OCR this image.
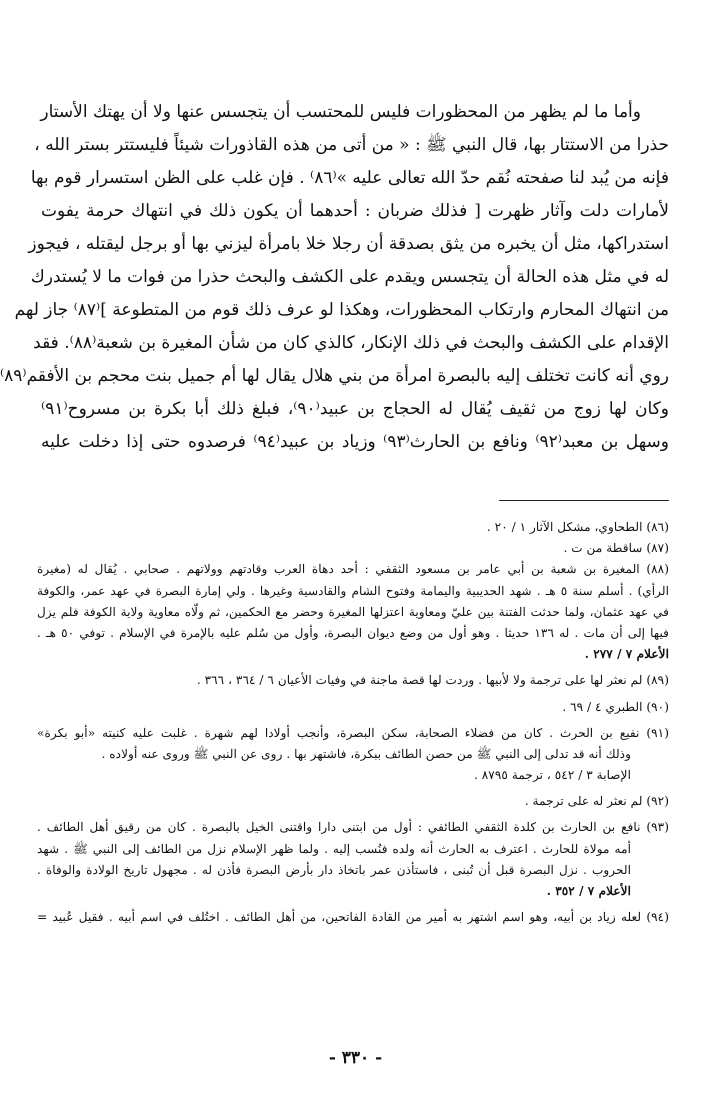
وأما ما لم يظهر من المحظورات فليس للمحتسب أن يتجسس عنها ولا أن يهتك الأستار
حذرا من الاستتار بها، قال النبي ﷺ : « من أتى من هذه القاذورات شيئاً فليستتر بستر الله ،
فإنه من يُبد لنا صفحته نُقم حدّ الله تعالى عليه »⁽٨٦⁾ . فإن غلب على الظن استسرار قوم بها
لأمارات دلت وآثار ظهرت [ فذلك ضربان : أحدهما أن يكون ذلك في انتهاك حرمة يفوت
استدراكها، مثل أن يخبره من يثق بصدقة أن رجلا خلا بامرأة ليزني بها أو برجل ليقتله ، فيجوز
له في مثل هذه الحالة أن يتجسس ويقدم على الكشف والبحث حذرا من فوات ما لا يُستدرك
من انتهاك المحارم وارتكاب المحظورات، وهكذا لو عرف ذلك قوم من المتطوعة ]⁽٨٧⁾ جاز لهم
الإقدام على الكشف والبحث في ذلك الإنكار، كالذي كان من شأن المغيرة بن شعبة⁽٨٨⁾. فقد
روي أنه كانت تختلف إليه بالبصرة امرأة من بني هلال يقال لها أم جميل بنت محجم بن الأفقم⁽٨٩⁾
وكان لها زوج من ثقيف يُقال له الحجاج بن عبيد⁽٩٠⁾، فبلغ ذلك أبا بكرة بن مسروح⁽٩١⁾
وسهل بن معبد⁽٩٢⁾ ونافع بن الحارث⁽٩٣⁾ وزياد بن عبيد⁽٩٤⁾ فرصدوه حتى إذا دخلت عليه
(٨٦) الطحاوي، مشكل الآثار ١ / ٢٠ .
(٨٧) ساقطة من ت .
(٨٨) المغيرة بن شعبة بن أبي عامر بن مسعود الثقفي : أحد دهاة العرب وقادتهم وولاتهم . صحابي . يُقال له (مغيرة
الرأي) . أسلم سنة ٥ هـ . شهد الحديبية واليمامة وفتوح الشام والقادسية وغيرها . ولي إمارة البصرة في عهد عمر، والكوفة
في عهد عثمان، ولما حدثت الفتنة بين عليّ ومعاوية اعتزلها المغيرة وحضر مع الحكمين، ثم ولّاه معاوية ولاية الكوفة فلم يزل
فيها إلى أن مات . له ١٣٦ حديثا . وهو أول من وضع ديوان البصرة، وأول من سُلم عليه بالإمرة في الإسلام . توفي ٥٠ هـ .
الأعلام ٧ / ٢٧٧ .
(٨٩) لم نعثر لها على ترجمة ولا لأبيها . وردت لها قصة ماجنة في وفيات الأعيان ٦ / ٣٦٤ ، ٣٦٦ .
(٩٠) الطبري ٤ / ٦٩ .
(٩١) نفيع بن الحرث . كان من فضلاء الصحابة، سكن البصرة، وأنجب أولادا لهم شهرة . غلبت عليه كنيته «أبو بكرة»
وذلك أنه قد تدلى إلى النبي ﷺ من حصن الطائف ببكرة، فاشتهر بها . روى عن النبي ﷺ وروى عنه أولاده .
الإصابة ٣ / ٥٤٢ ، ترجمة ٨٧٩٥ .
(٩٢) لم نعثر له على ترجمة .
(٩٣) نافع بن الحارث بن كلدة الثقفي الطائفي : أول من ابتنى دارا واقتنى الخيل بالبصرة . كان من رقيق أهل الطائف .
أمه مولاة للحارث . اعترف به الحارث أنه ولده فنُسب إليه . ولما ظهر الإسلام نزل من الطائف إلى النبي ﷺ . شهد
الحروب . نزل البصرة قبل أن تُبنى ، فاستأذن عمر باتخاذ دار بأرض البصرة فأذن له . مجهول تاريخ الولادة والوفاة .
الأعلام ٧ / ٣٥٢ .
(٩٤) لعله زياد بن أبيه، وهو اسم اشتهر به أمير من القادة الفاتحين، من أهل الطائف . اختُلف في اسم أبيه . فقيل عُبيد =
- ٣٣٠ -
